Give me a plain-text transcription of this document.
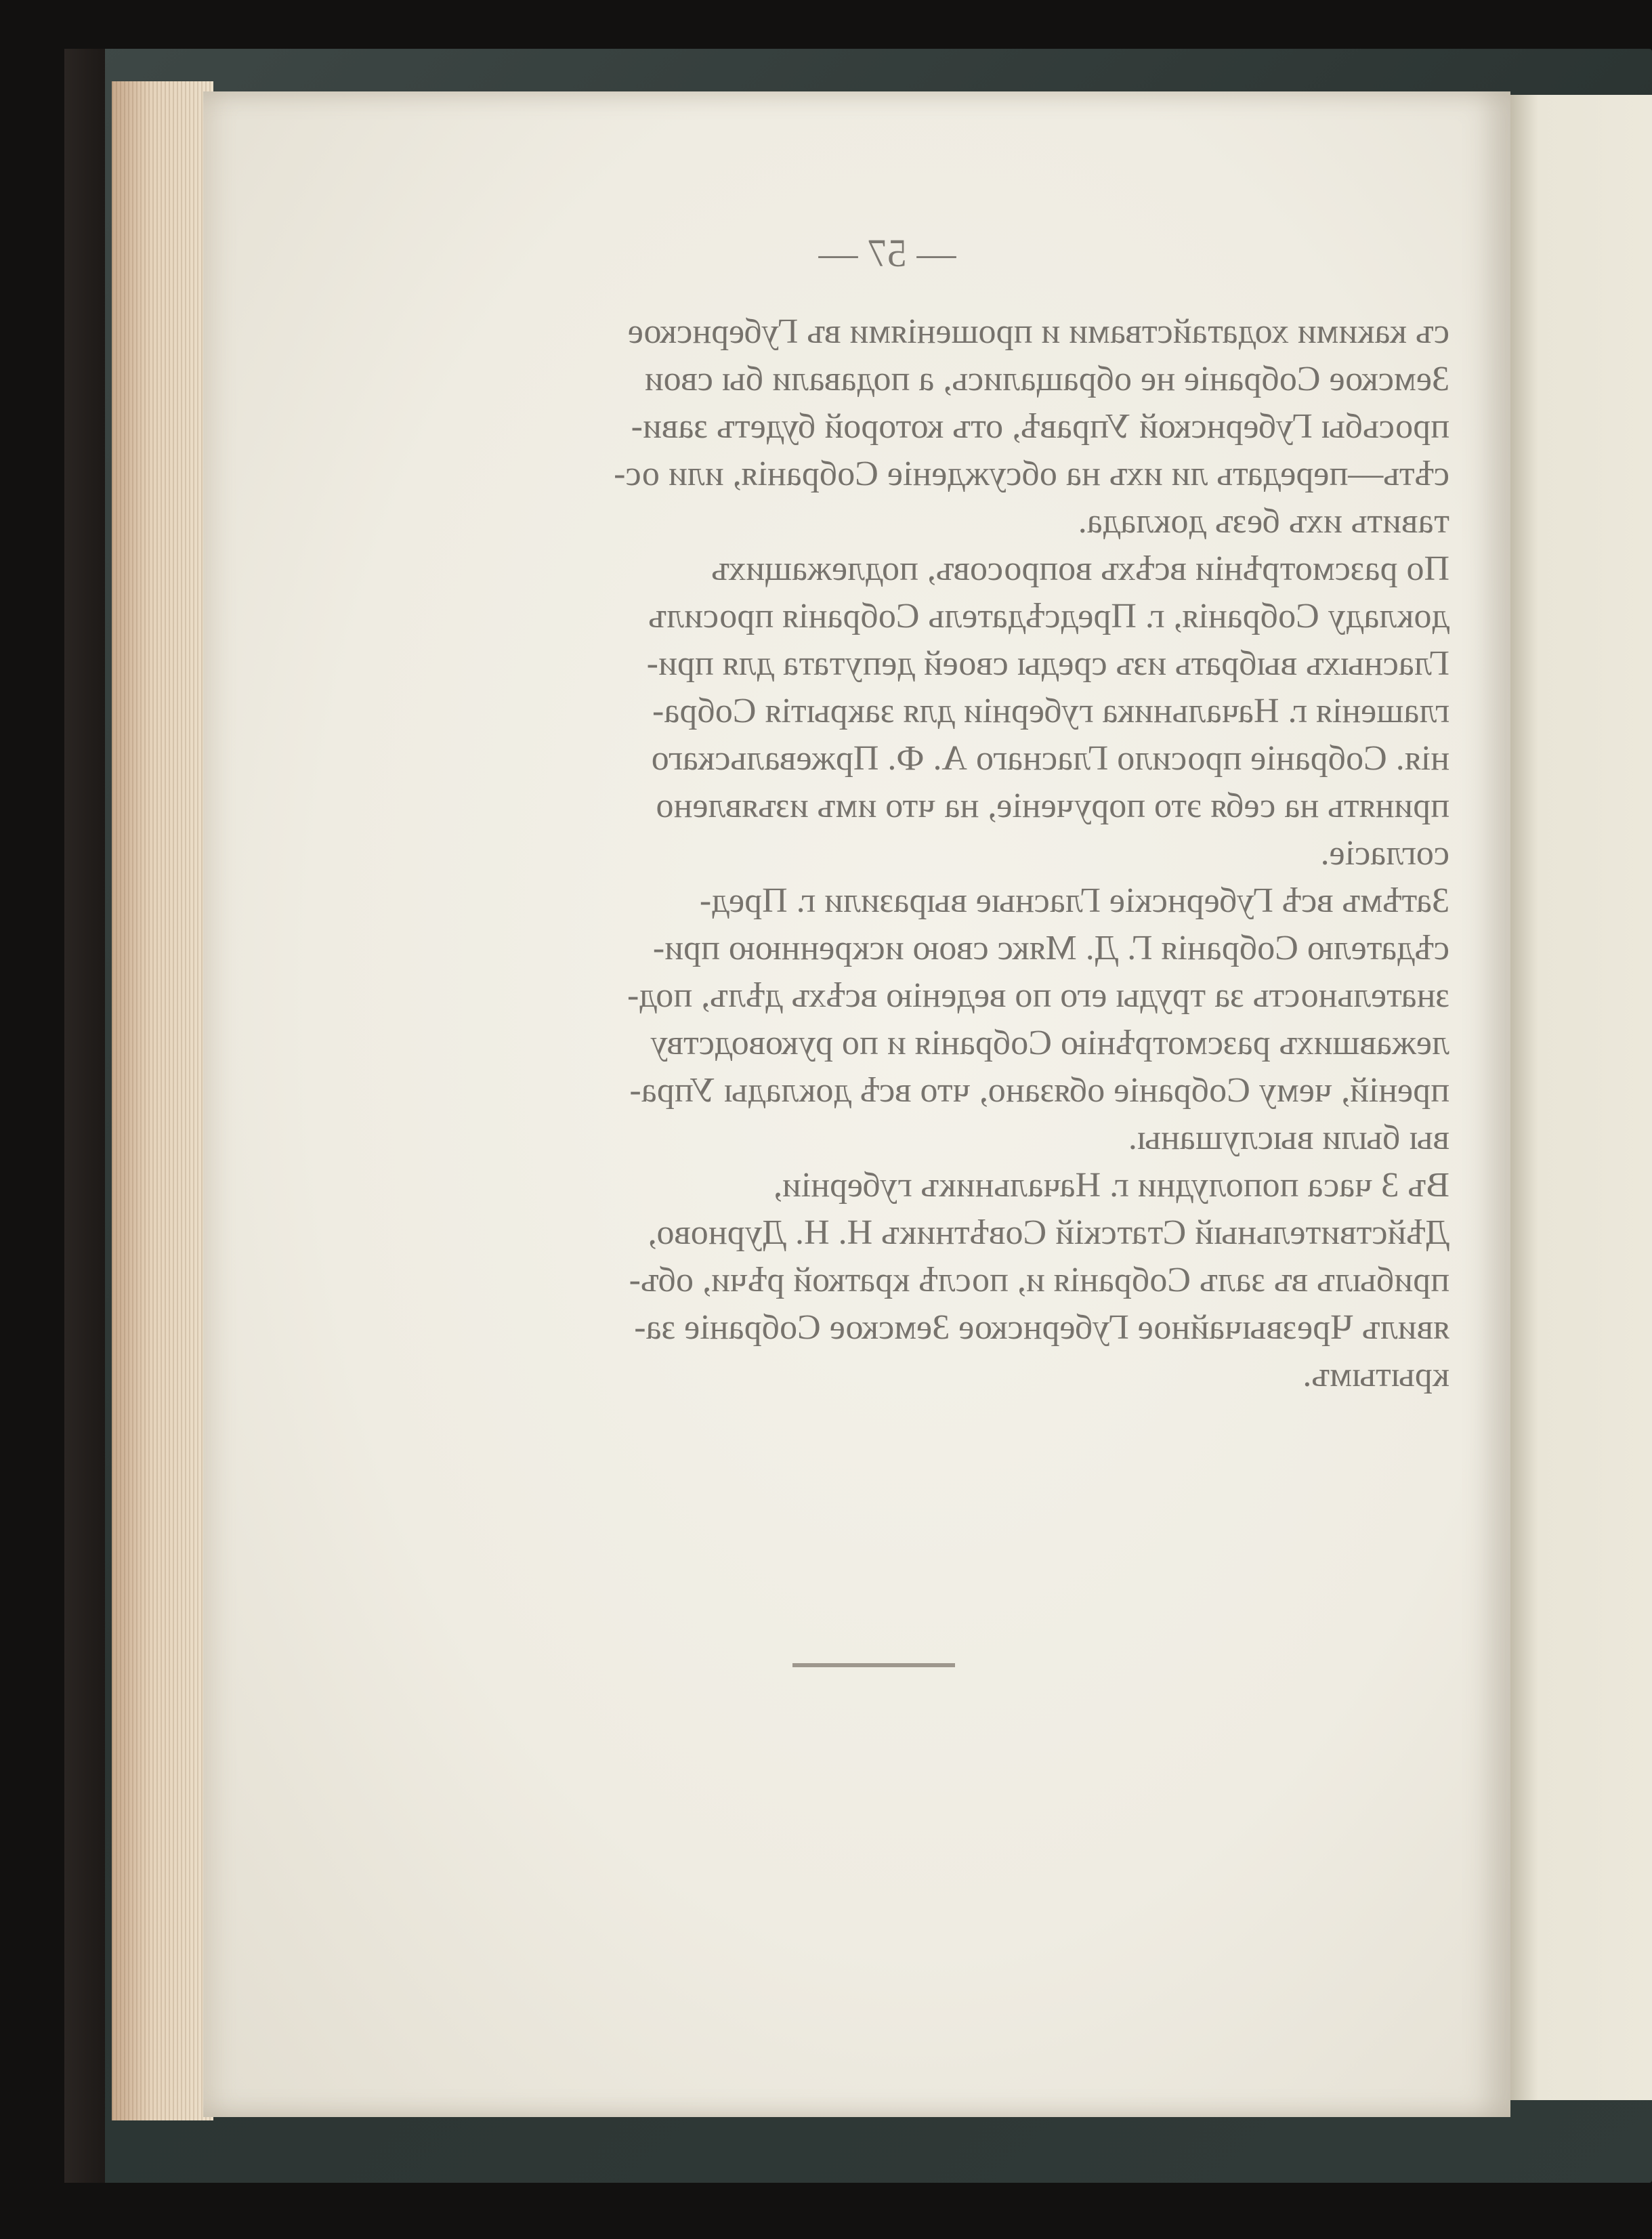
— 57 —
съ какими ходатайствами и прошеніями въ Губернское
Земское Собраніе не обращались, а подавали бы свои
просьбы Губернской Управѣ, отъ которой будетъ зави-
сѣть—передать ли ихъ на обсужденіе Собранія, или ос-
тавить ихъ безъ доклада.
По разсмотрѣніи всѣхъ вопросовъ, подлежащихъ
докладу Собранія, г. Предсѣдатель Собранія просилъ
Гласныхъ выбрать изъ среды своей депутата для при-
глашенія г. Начальника губерніи для закрытія Собра-
нія. Собраніе просило Гласнаго А. Ф. Пржевальскаго
принять на себя это порученіе, на что имъ изъявлено
согласіе.
Затѣмъ всѣ Губернскіе Гласные выразили г. Пред-
сѣдателю Собранія Г. Д. Мякс свою искреннюю при-
знательность за труды его по веденію всѣхъ дѣлъ, под-
лежавшихъ разсмотрѣнію Собранія и по руководству
преній, чему Собраніе обязано, что всѣ доклады Упра-
вы были выслушаны.
Въ 3 часа пополудни г. Начальникъ губерніи,
Дѣйствительный Статскій Совѣтникъ Н. Н. Дурново,
прибылъ въ залъ Собранія и, послѣ краткой рѣчи, объ-
явилъ Чрезвычайное Губернское Земское Собраніе за-
крытымъ.
